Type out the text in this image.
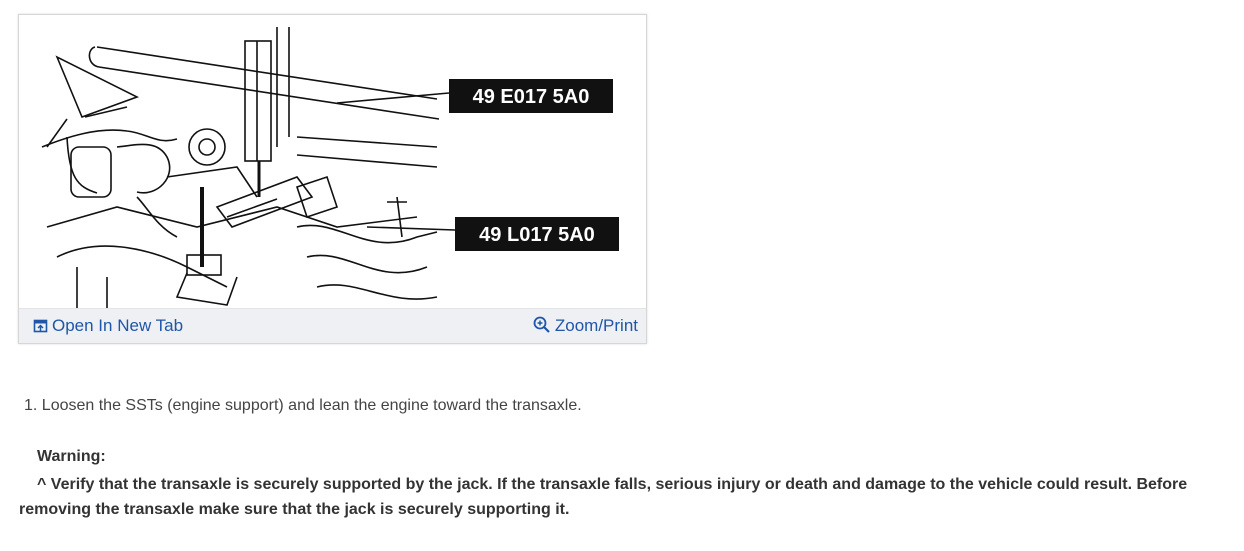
49 E017 5A0
49 L017 5A0
Open In New Tab	Zoom/Print

1. Loosen the SSTs (engine support) and lean the engine toward the transaxle.

Warning:

^ Verify that the transaxle is securely supported by the jack. If the transaxle falls, serious injury or death and damage to the vehicle could result. Before removing the transaxle make sure that the jack is securely supporting it.
